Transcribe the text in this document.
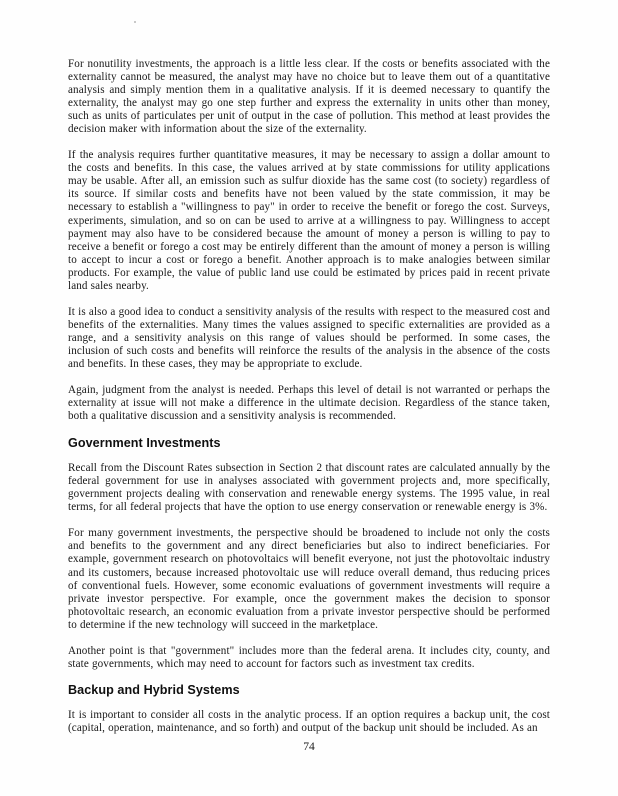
For nonutility investments, the approach is a little less clear. If the costs or benefits associated with the externality cannot be measured, the analyst may have no choice but to leave them out of a quantitative analysis and simply mention them in a qualitative analysis. If it is deemed necessary to quantify the externality, the analyst may go one step further and express the externality in units other than money, such as units of particulates per unit of output in the case of pollution. This method at least provides the decision maker with information about the size of the externality.

If the analysis requires further quantitative measures, it may be necessary to assign a dollar amount to the costs and benefits. In this case, the values arrived at by state commissions for utility applications may be usable. After all, an emission such as sulfur dioxide has the same cost (to society) regardless of its source. If similar costs and benefits have not been valued by the state commission, it may be necessary to establish a "willingness to pay" in order to receive the benefit or forego the cost. Surveys, experiments, simulation, and so on can be used to arrive at a willingness to pay. Willingness to accept payment may also have to be considered because the amount of money a person is willing to pay to receive a benefit or forego a cost may be entirely different than the amount of money a person is willing to accept to incur a cost or forego a benefit. Another approach is to make analogies between similar products. For example, the value of public land use could be estimated by prices paid in recent private land sales nearby.

It is also a good idea to conduct a sensitivity analysis of the results with respect to the measured cost and benefits of the externalities. Many times the values assigned to specific externalities are provided as a range, and a sensitivity analysis on this range of values should be performed. In some cases, the inclusion of such costs and benefits will reinforce the results of the analysis in the absence of the costs and benefits. In these cases, they may be appropriate to exclude.

Again, judgment from the analyst is needed. Perhaps this level of detail is not warranted or perhaps the externality at issue will not make a difference in the ultimate decision. Regardless of the stance taken, both a qualitative discussion and a sensitivity analysis is recommended.

Government Investments

Recall from the Discount Rates subsection in Section 2 that discount rates are calculated annually by the federal government for use in analyses associated with government projects and, more specifically, government projects dealing with conservation and renewable energy systems. The 1995 value, in real terms, for all federal projects that have the option to use energy conservation or renewable energy is 3%.

For many government investments, the perspective should be broadened to include not only the costs and benefits to the government and any direct beneficiaries but also to indirect beneficiaries. For example, government research on photovoltaics will benefit everyone, not just the photovoltaic industry and its customers, because increased photovoltaic use will reduce overall demand, thus reducing prices of conventional fuels. However, some economic evaluations of government investments will require a private investor perspective. For example, once the government makes the decision to sponsor photovoltaic research, an economic evaluation from a private investor perspective should be performed to determine if the new technology will succeed in the marketplace.

Another point is that "government" includes more than the federal arena. It includes city, county, and state governments, which may need to account for factors such as investment tax credits.

Backup and Hybrid Systems

It is important to consider all costs in the analytic process. If an option requires a backup unit, the cost (capital, operation, maintenance, and so forth) and output of the backup unit should be included. As an

74
